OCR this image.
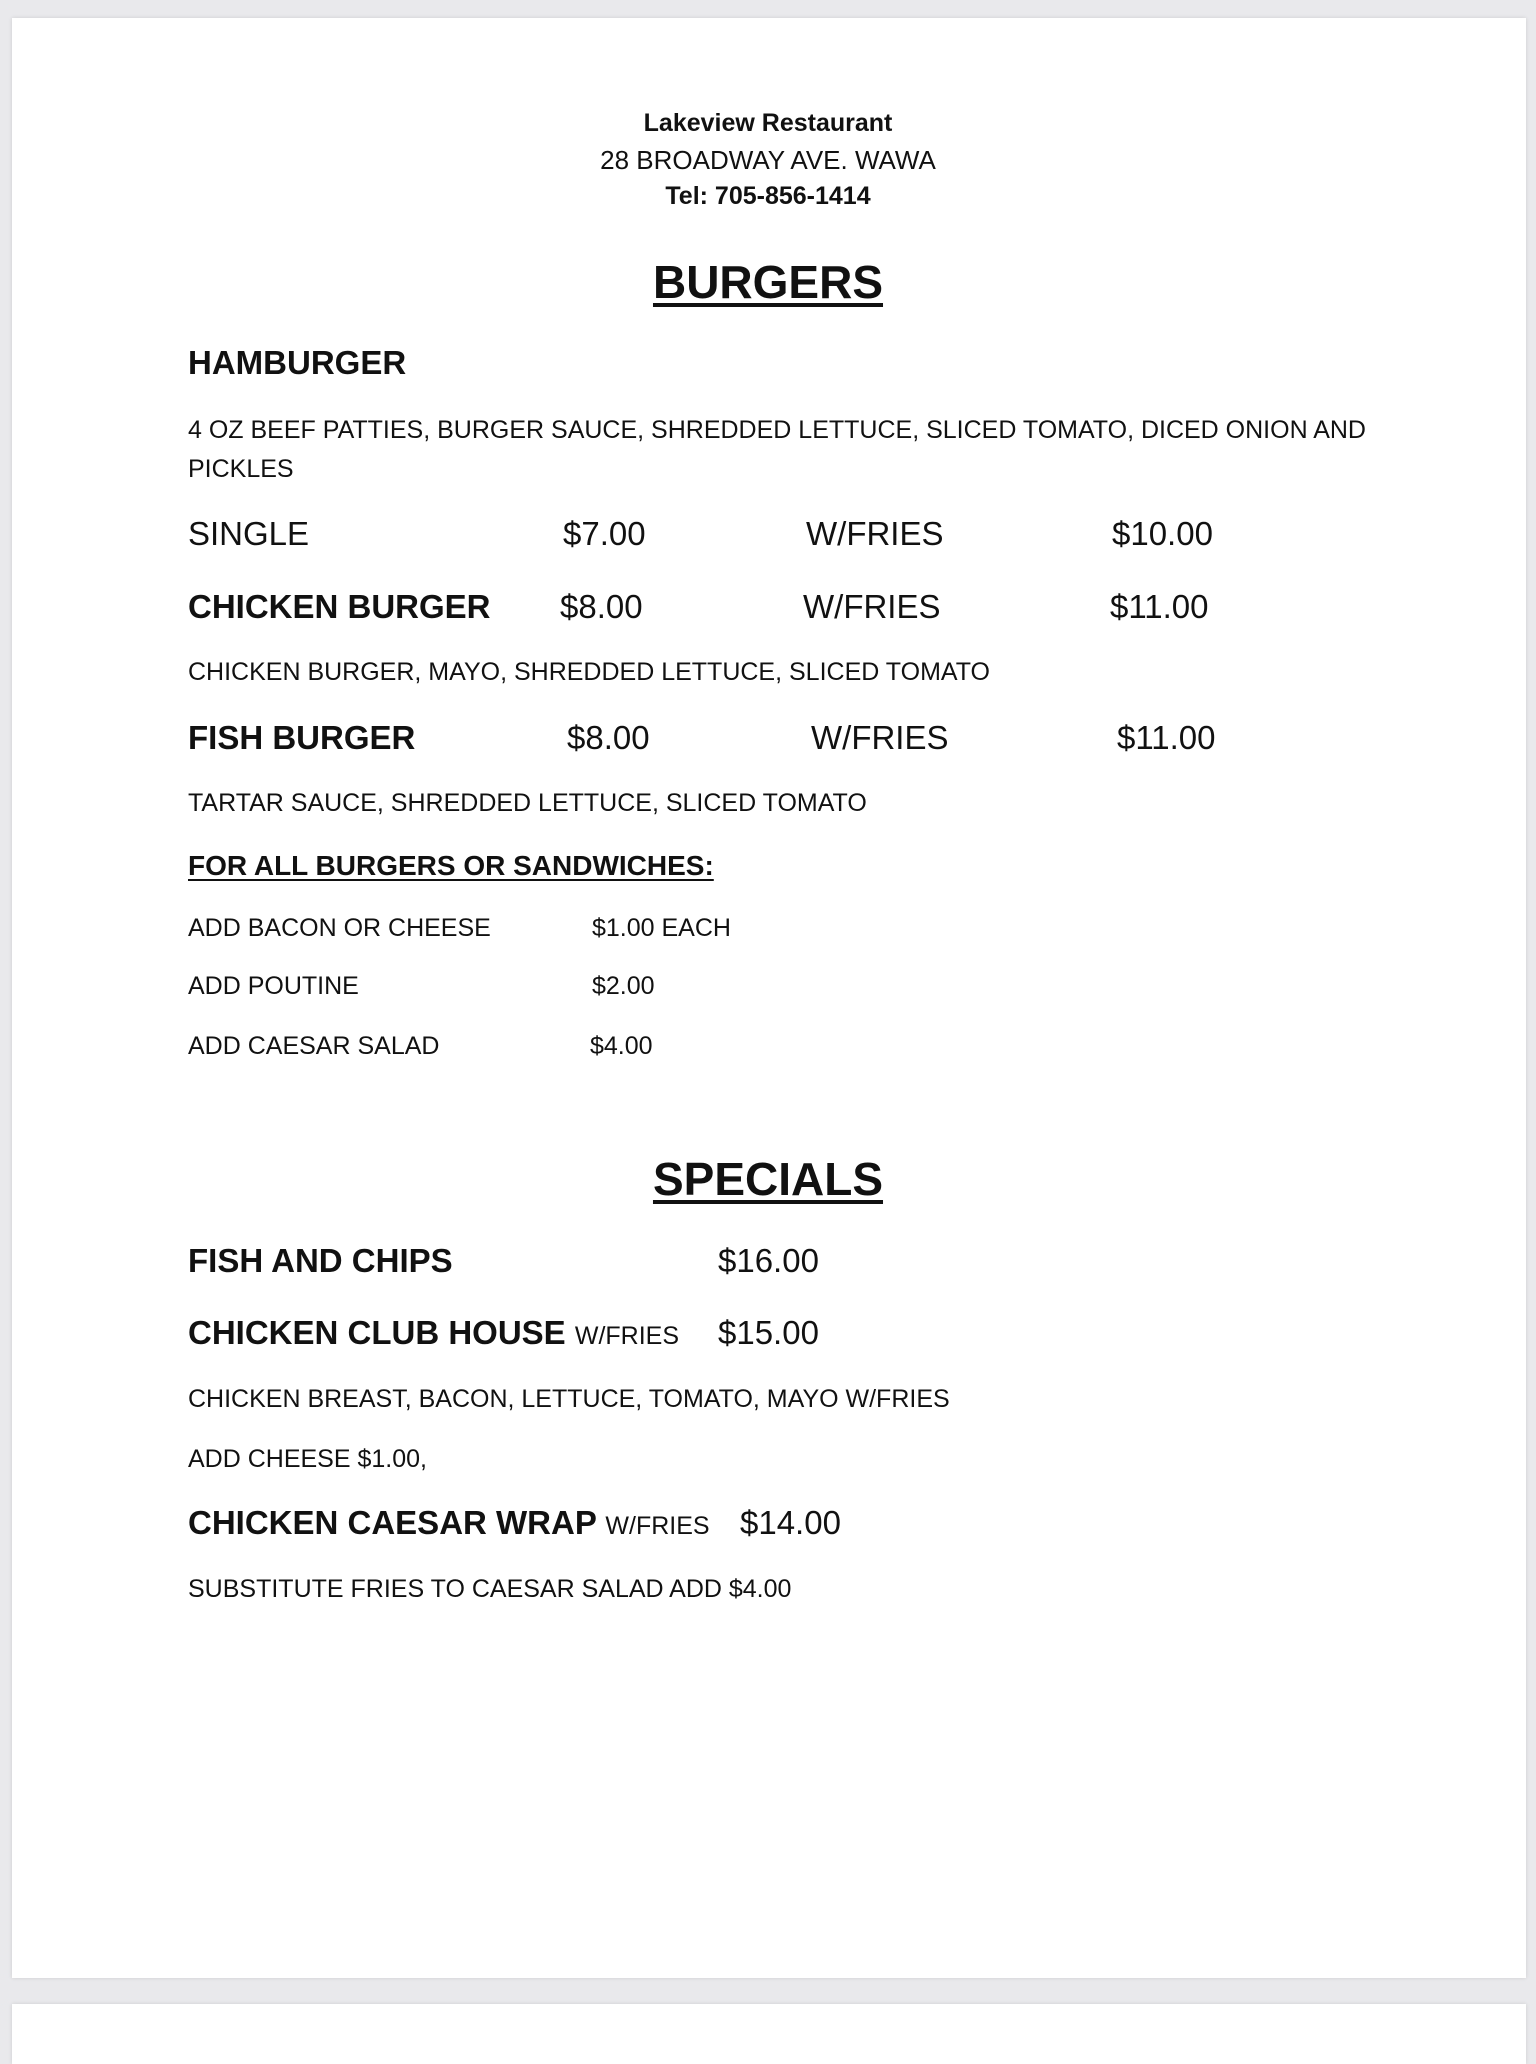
Lakeview Restaurant
28 BROADWAY AVE. WAWA
Tel: 705-856-1414
BURGERS
HAMBURGER
4 OZ BEEF PATTIES, BURGER SAUCE, SHREDDED LETTUCE, SLICED TOMATO, DICED ONION AND
PICKLES
SINGLE	$7.00	W/FRIES	$10.00
CHICKEN BURGER $8.00	W/FRIES	$11.00
CHICKEN BURGER, MAYO, SHREDDED LETTUCE, SLICED TOMATO
FISH BURGER	$8.00	W/FRIES	$11.00
TARTAR SAUCE, SHREDDED LETTUCE, SLICED TOMATO
FOR ALL BURGERS OR SANDWICHES:
ADD BACON OR CHEESE	$1.00 EACH
ADD POUTINE	$2.00
ADD CAESAR SALAD	$4.00
SPECIALS
FISH AND CHIPS	$16.00
CHICKEN CLUB HOUSE W/FRIES $15.00
CHICKEN BREAST, BACON, LETTUCE, TOMATO, MAYO W/FRIES
ADD CHEESE $1.00,
CHICKEN CAESAR WRAP W/FRIES $14.00
SUBSTITUTE FRIES TO CAESAR SALAD ADD $4.00
